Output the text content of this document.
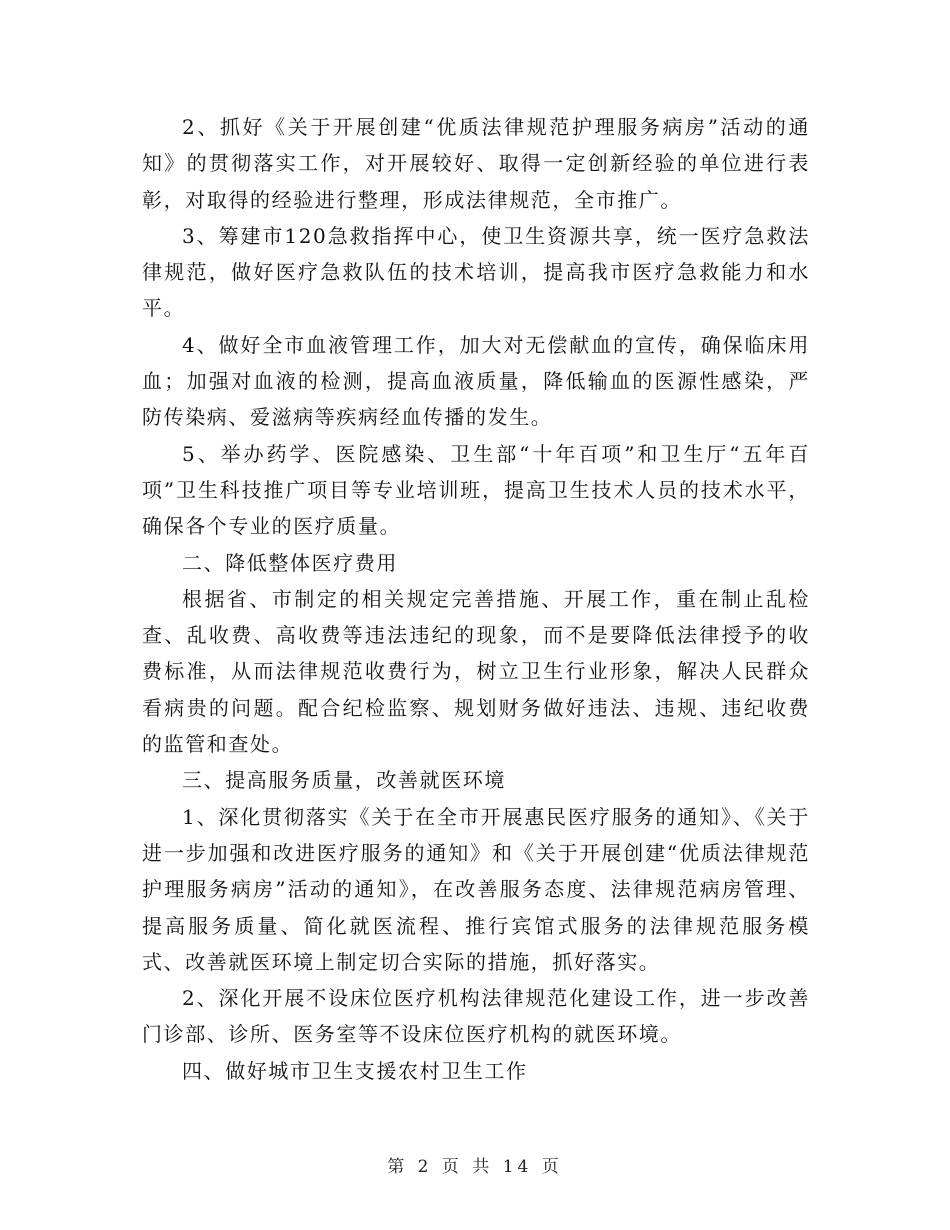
2、抓好《关于开展创建“优质法律规范护理服务病房”活动的通知》的贯彻落实工作，对开展较好、取得一定创新经验的单位进行表彰，对取得的经验进行整理，形成法律规范，全市推广。

3、筹建市120急救指挥中心，使卫生资源共享，统一医疗急救法律规范，做好医疗急救队伍的技术培训，提高我市医疗急救能力和水平。

4、做好全市血液管理工作，加大对无偿献血的宣传，确保临床用血；加强对血液的检测，提高血液质量，降低输血的医源性感染，严防传染病、爱滋病等疾病经血传播的发生。

5、举办药学、医院感染、卫生部“十年百项”和卫生厅“五年百项”卫生科技推广项目等专业培训班，提高卫生技术人员的技术水平，确保各个专业的医疗质量。

二、降低整体医疗费用

根据省、市制定的相关规定完善措施、开展工作，重在制止乱检查、乱收费、高收费等违法违纪的现象，而不是要降低法律授予的收费标准，从而法律规范收费行为，树立卫生行业形象，解决人民群众看病贵的问题。配合纪检监察、规划财务做好违法、违规、违纪收费的监管和查处。

三、提高服务质量，改善就医环境

1、深化贯彻落实《关于在全市开展惠民医疗服务的通知》、《关于进一步加强和改进医疗服务的通知》和《关于开展创建“优质法律规范护理服务病房”活动的通知》，在改善服务态度、法律规范病房管理、提高服务质量、简化就医流程、推行宾馆式服务的法律规范服务模式、改善就医环境上制定切合实际的措施，抓好落实。

2、深化开展不设床位医疗机构法律规范化建设工作，进一步改善门诊部、诊所、医务室等不设床位医疗机构的就医环境。

四、做好城市卫生支援农村卫生工作

第 2 页 共 14 页
